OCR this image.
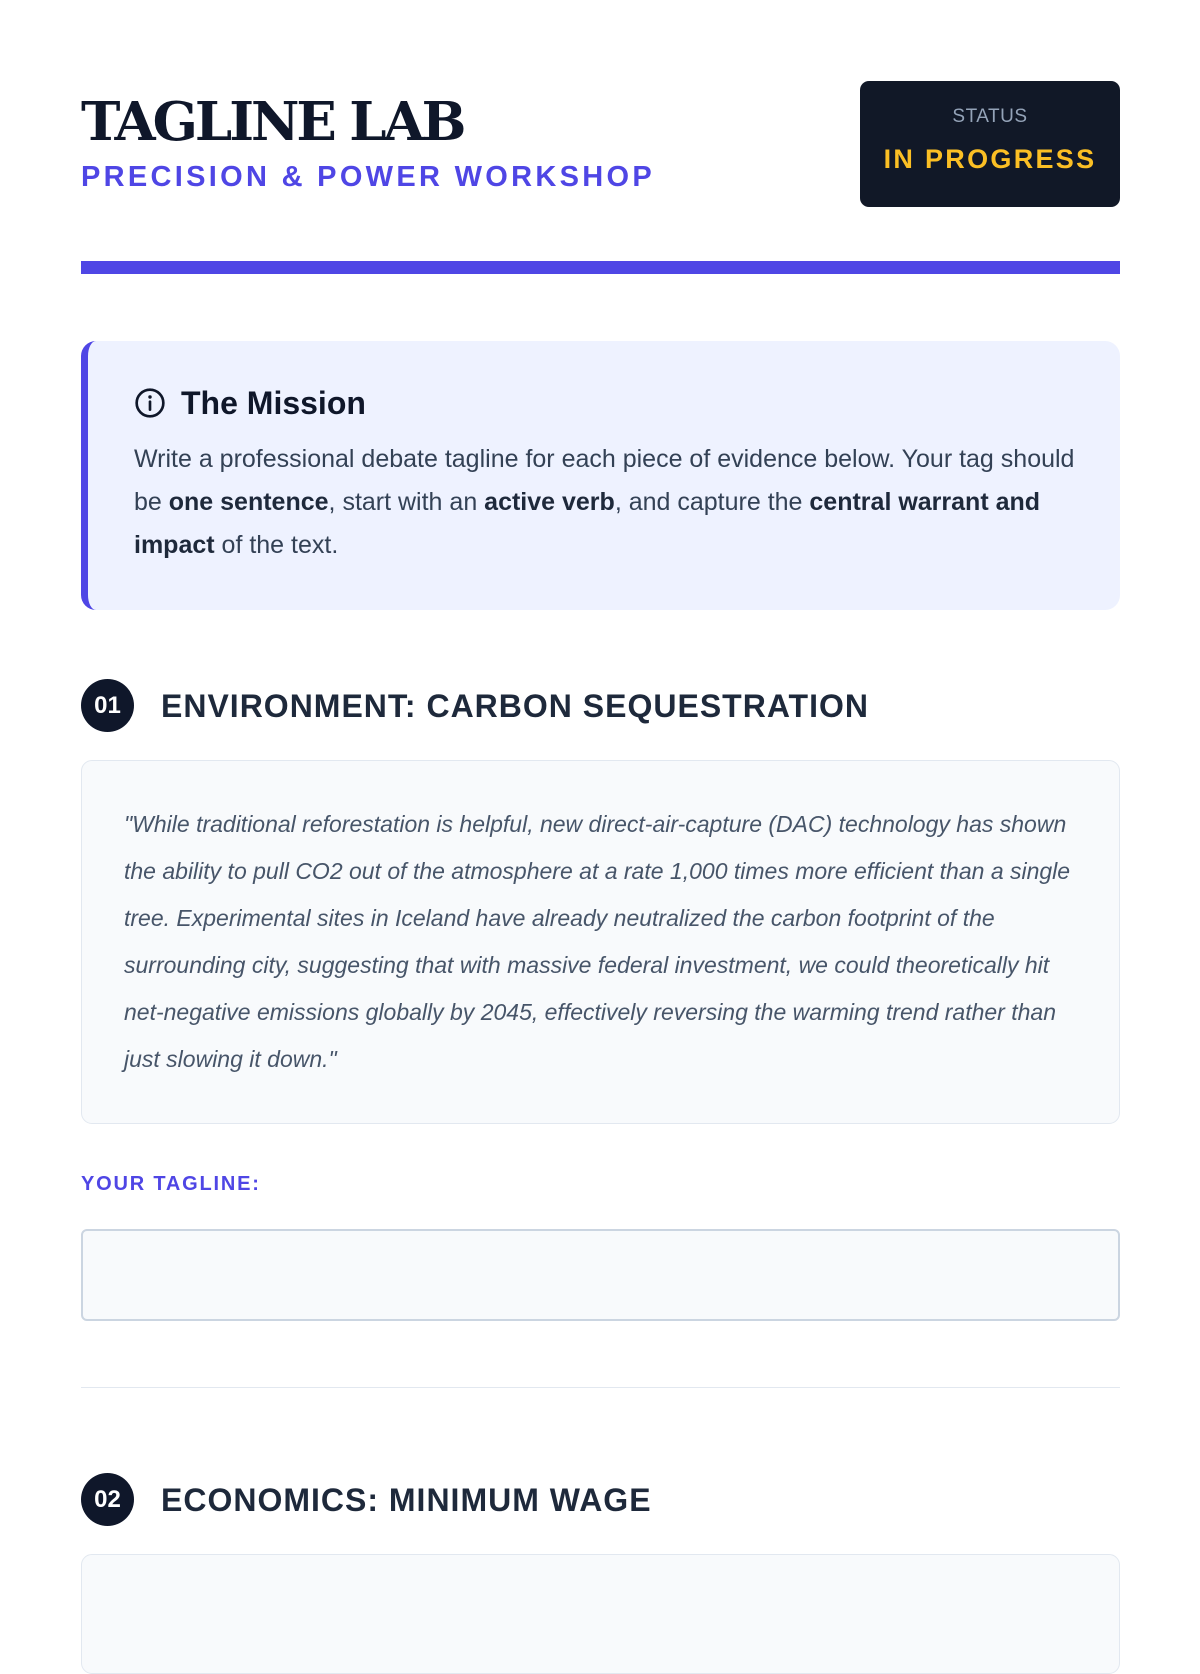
TAGLINE LAB
PRECISION & POWER WORKSHOP
STATUS
IN PROGRESS
The Mission

Write a professional debate tagline for each piece of evidence below. Your tag should be one sentence, start with an active verb, and capture the central warrant and impact of the text.

01	ENVIRONMENT: CARBON SEQUESTRATION

"While traditional reforestation is helpful, new direct-air-capture (DAC) technology has shown the ability to pull CO2 out of the atmosphere at a rate 1,000 times more efficient than a single tree. Experimental sites in Iceland have already neutralized the carbon footprint of the surrounding city, suggesting that with massive federal investment, we could theoretically hit net-negative emissions globally by 2045, effectively reversing the warming trend rather than just slowing it down."

YOUR TAGLINE:
02	ECONOMICS: MINIMUM WAGE
